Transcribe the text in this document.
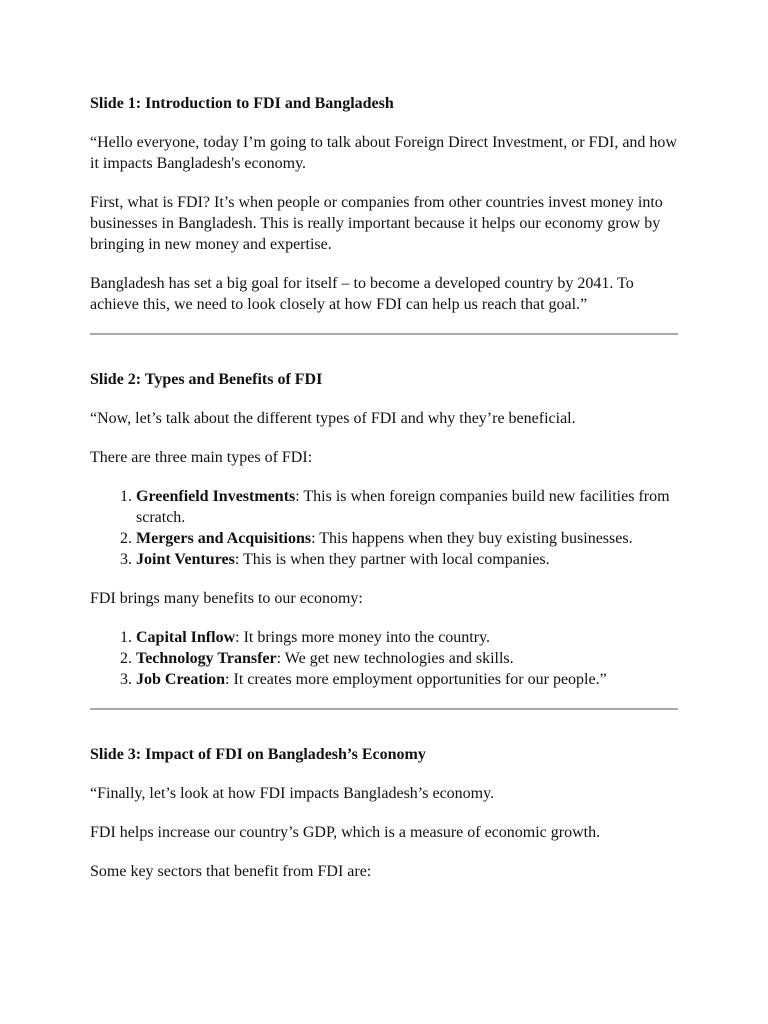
Slide 1: Introduction to FDI and Bangladesh

“Hello everyone, today I’m going to talk about Foreign Direct Investment, or FDI, and how it impacts Bangladesh's economy.

First, what is FDI? It’s when people or companies from other countries invest money into businesses in Bangladesh. This is really important because it helps our economy grow by bringing in new money and expertise.

Bangladesh has set a big goal for itself – to become a developed country by 2041. To achieve this, we need to look closely at how FDI can help us reach that goal.”

Slide 2: Types and Benefits of FDI

“Now, let’s talk about the different types of FDI and why they’re beneficial.

There are three main types of FDI:

1. Greenfield Investments: This is when foreign companies build new facilities from scratch.
2. Mergers and Acquisitions: This happens when they buy existing businesses.
3. Joint Ventures: This is when they partner with local companies.

FDI brings many benefits to our economy:

1. Capital Inflow: It brings more money into the country.
2. Technology Transfer: We get new technologies and skills.
3. Job Creation: It creates more employment opportunities for our people.”
Slide 3: Impact of FDI on Bangladesh’s Economy

“Finally, let’s look at how FDI impacts Bangladesh’s economy.

FDI helps increase our country’s GDP, which is a measure of economic growth.

Some key sectors that benefit from FDI are:
